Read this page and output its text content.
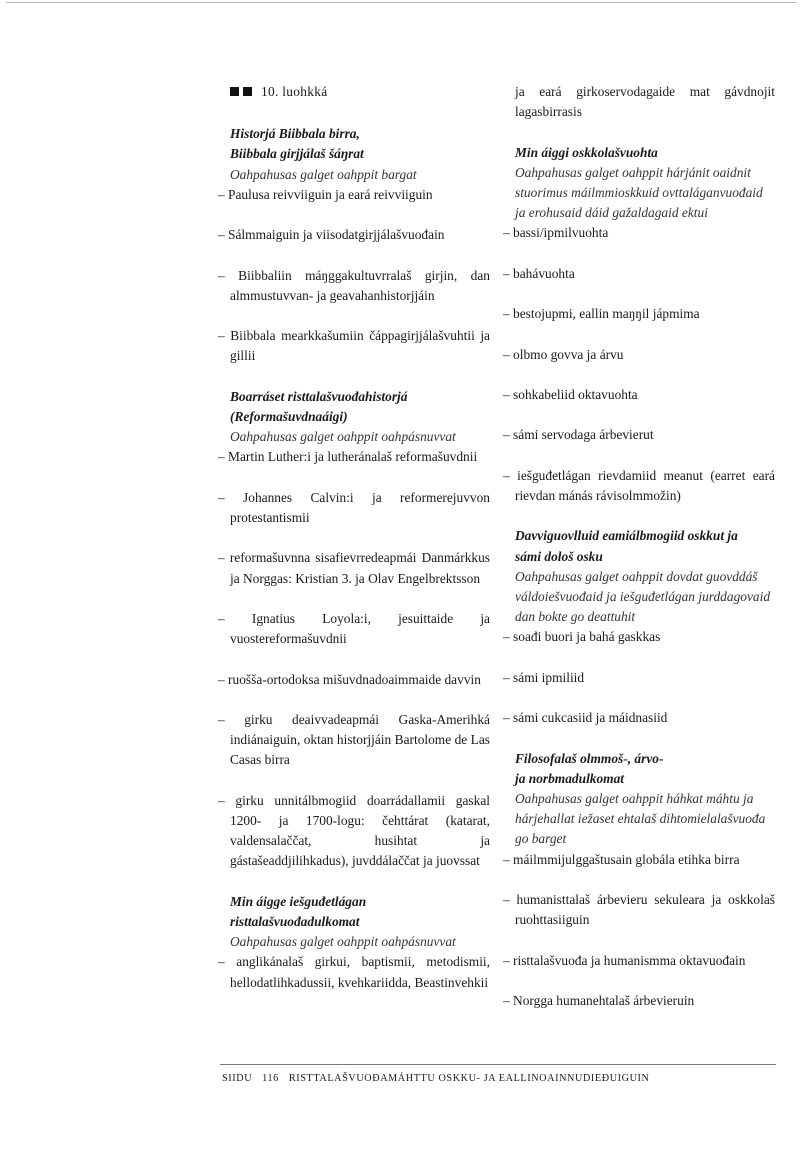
10. luohkká
Historjá Biibbala birra,
Biibbala girjjálaš šáŋrat
Oahpahusas galget oahppit bargat
– Paulusa reivviiguin ja eará reivviiguin
– Sálmmaiguin ja viisodatgirjjálašvuođain
– Biibbaliin máŋggakultuvrralaš girjin, dan almmustuvvan- ja geavahanhistorjjáin
– Biibbala mearkkašumiin čáppagirjjálašvuhtii ja gillii
Boarráset risttalašvuođahistorjá
(Reformašuvdnaáigi)
Oahpahusas galget oahppit oahpásnuvvat
– Martin Luther:i ja lutheránalaš reformašuvdnii
– Johannes Calvin:i ja reformerejuvvon protestantismii
– reformašuvnna sisafievrredeapmái Danmárkkus ja Norggas: Kristian 3. ja Olav Engelbrektsson
– Ignatius Loyola:i, jesuittaide ja vuostereformašuvdnii
– ruošša-ortodoksa mišuvdnadoaimmaide davvin
– girku deaivvadeapmái Gaska-Amerihká indiánaiguin, oktan historjjáin Bartolome de Las Casas birra
– girku unnitálbmogiid doarrádallamii gaskal 1200- ja 1700-logu: čehttárat (katarat, valdensalaččat, husihtat ja gástašeaddjilihkadus), juvddálaččat ja juovssat
Min áigge iešguđetlágan
risttalašvuođadulkomat
Oahpahusas galget oahppit oahpásnuvvat
– anglikánalaš girkui, baptismii, metodismii, hellodatlihkadussii, kvehkariidda, Beastinvehkii
ja eará girkoservodagaide mat gávdnojit lagasbirrasis
Min áiggi oskkolašvuohta
Oahpahusas galget oahppit hárjánit oaidnit stuorimus máilmmioskkuid ovttaláganvuođaid ja erohusaid dáid gažaldagaid ektui
– bassi/ipmilvuohta
– bahávuohta
– bestojupmi, eallin maŋŋil jápmima
– olbmo govva ja árvu
– sohkabeliid oktavuohta
– sámi servodaga árbevierut
– iešguđetlágan rievdamiid meanut (earret eará rievdan mánás rávisolmmožin)
Davviguovlluid eamiálbmogiid oskkut ja
sámi dološ osku
Oahpahusas galget oahppit dovdat guovddáš váldoiešvuođaid ja iešguđetlágan jurddagovaid dan bokte go deattuhit
– soađi buori ja bahá gaskkas
– sámi ipmiliid
– sámi cukcasiid ja máidnasiid
Filosofalaš olmmoš-, árvo-
ja norbmadulkomat
Oahpahusas galget oahppit háhkat máhtu ja hárjehallat iežaset ehtalaš dihtomielalašvuođa go barget
– máilmmijulggaštusain globála etihka birra
– humanisttalaš árbevieru sekuleara ja oskkolaš ruohttasiiguin
– risttalašvuođa ja humanismma oktavuođain
– Norgga humanehtalaš árbevieruin
SIIDU 116 RISTTALAŠVUOĐAMÁHTTU OSKKU- JA EALLINOAINNUDIEĐUIGUIN
